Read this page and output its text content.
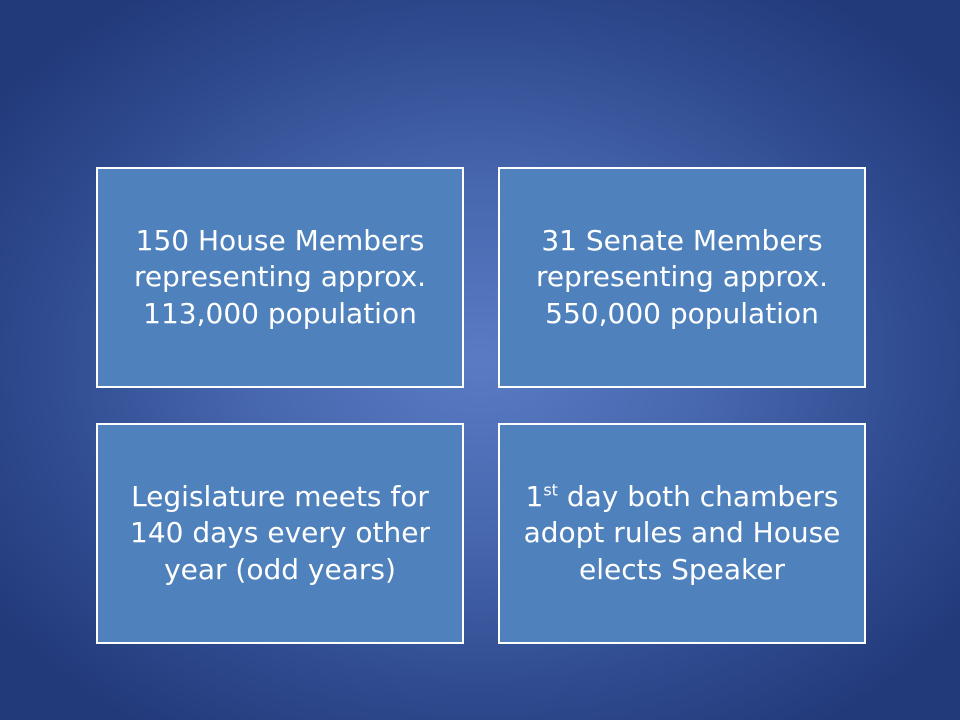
150 House Members representing approx. 113,000 population
31 Senate Members representing approx. 550,000 population
Legislature meets for 140 days every other year (odd years)
1st day both chambers adopt rules and House elects Speaker
